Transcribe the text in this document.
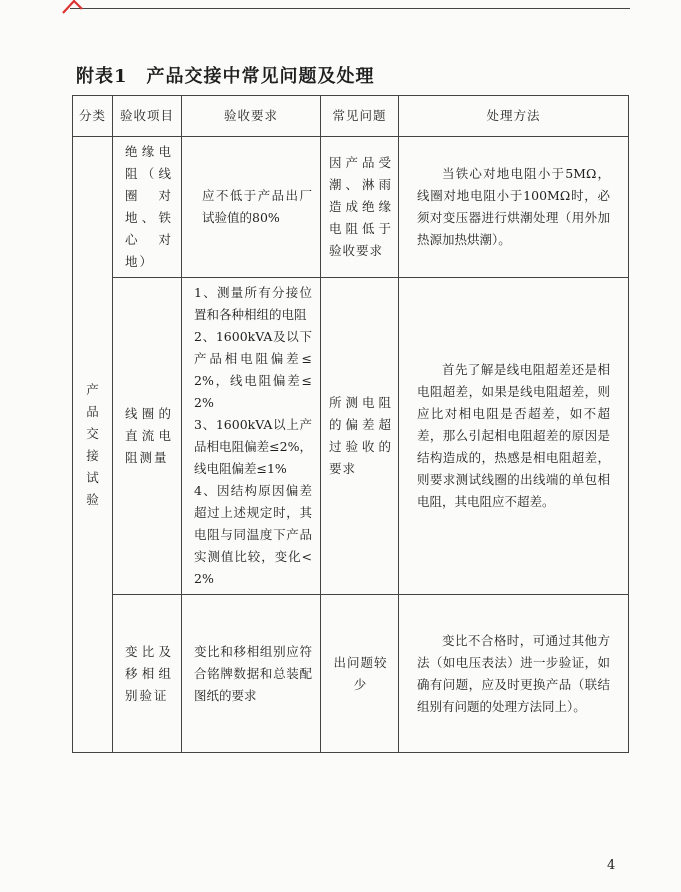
附表1　产品交接中常见问题及处理
分类	验收项目	验收要求	常见问题	处理方法

产品交接试验	绝缘电阻（线圈对地、铁心对地）	应不低于产品出厂试验值的80%	因产品受潮、淋雨造成绝缘电阻低于验收要求	当铁心对地电阻小于5MΩ，线圈对地电阻小于100MΩ时，必须对变压器进行烘潮处理（用外加热源加热烘潮）。
	线圈的直流电阻测量	1、测量所有分接位置和各种相组的电阻
2、1600kVA及以下产品相电阻偏差≤2%，线电阻偏差≤2%
3、1600kVA以上产品相电阻偏差≤2%，线电阻偏差≤1%
4、因结构原因偏差超过上述规定时，其电阻与同温度下产品实测值比较，变化<2%	所测电阻的偏差超过验收的要求	首先了解是线电阻超差还是相电阻超差，如果是线电阻超差，则应比对相电阻是否超差，如不超差，那么引起相电阻超差的原因是结构造成的，热感是相电阻超差，则要求测试线圈的出线端的单包相电阻，其电阻应不超差。
	变比及移相组别验证	变比和移相组别应符合铭牌数据和总装配图纸的要求	出问题较少	变比不合格时，可通过其他方法（如电压表法）进一步验证，如确有问题，应及时更换产品（联结组别有问题的处理方法同上）。
4
